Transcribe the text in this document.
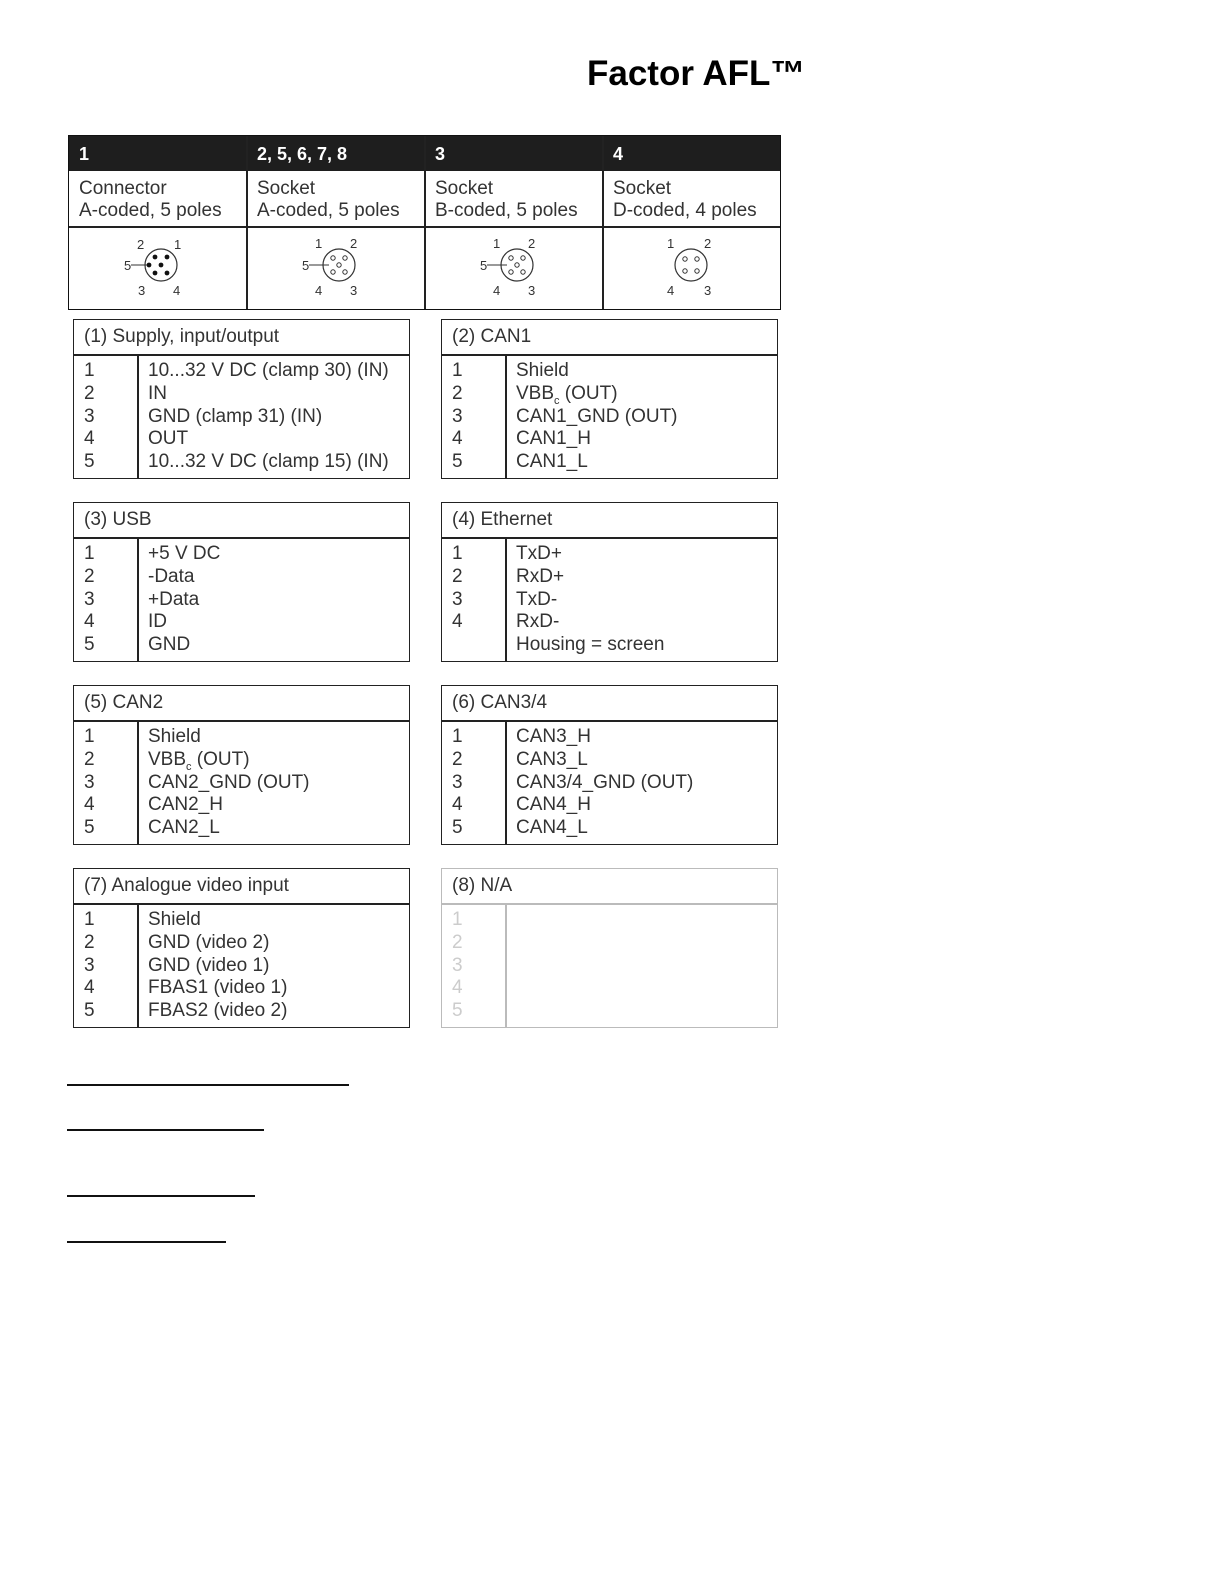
Factor AFL™
1
Connector
A-coded, 5 poles
2 1
5
3 4
2, 5, 6, 7, 8
Socket
A-coded, 5 poles
1 2
5
4 3
3
Socket
B-coded, 5 poles
1 2
5
4 3
4
Socket
D-coded, 4 poles
1 2
4 3
(1) Supply, input/output
1
2
3
4
5
10...32 V DC (clamp 30) (IN)
IN
GND (clamp 31) (IN)
OUT
10...32 V DC (clamp 15) (IN)
(2) CAN1
1
2
3
4
5
Shield
$VBB_c$ (OUT)
CAN1_GND (OUT)
CAN1_H
CAN1_L
(3) USB
1
2
3
4
5
+5 V DC
-Data
+Data
ID
GND
(4) Ethernet
1
2
3
4
TxD+
RxD+
TxD-
RxD-
Housing = screen
(5) CAN2
1
2
3
4
5
Shield
$VBB_c$ (OUT)
CAN2_GND (OUT)
CAN2_H
CAN2_L
(6) CAN3/4
1
2
3
4
5
CAN3_H
CAN3_L
CAN3/4_GND (OUT)
CAN4_H
CAN4_L
(7) Analogue video input
1
2
3
4
5
Shield
GND (video 2)
GND (video 1)
FBAS1 (video 1)
FBAS2 (video 2)
(8) N/A
1
2
3
4
5
